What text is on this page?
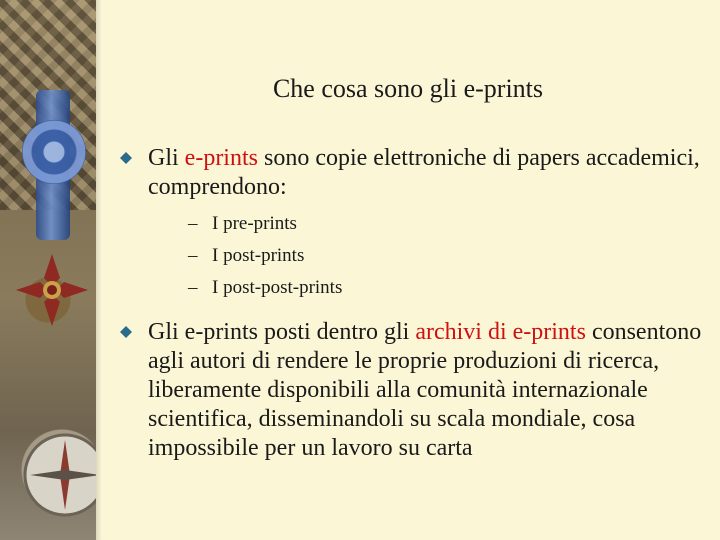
Che cosa sono gli e-prints
Gli e-prints sono copie elettroniche di papers accademici, comprendono:
– I pre-prints
– I post-prints
– I post-post-prints
Gli e-prints posti dentro gli archivi di e-prints consentono agli autori di rendere le proprie produzioni di ricerca, liberamente disponibili alla comunità internazionale scientifica, disseminandoli su scala mondiale, cosa impossibile per un lavoro su carta
